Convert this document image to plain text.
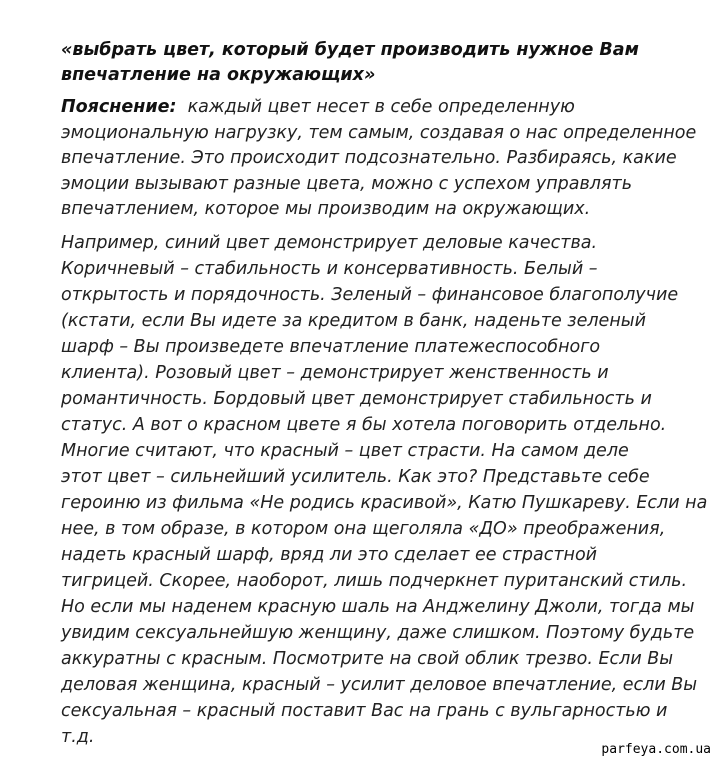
«выбрать цвет, который будет производить нужное Вам
впечатление на окружающих»
Пояснение: каждый цвет несет в себе определенную
эмоциональную нагрузку, тем самым, создавая о нас определенное
впечатление. Это происходит подсознательно. Разбираясь, какие
эмоции вызывают разные цвета, можно с успехом управлять
впечатлением, которое мы производим на окружающих.
Например, синий цвет демонстрирует деловые качества.
Коричневый – стабильность и консервативность. Белый –
открытость и порядочность. Зеленый – финансовое благополучие
(кстати, если Вы идете за кредитом в банк, наденьте зеленый
шарф – Вы произведете впечатление платежеспособного
клиента). Розовый цвет – демонстрирует женственность и
романтичность. Бордовый цвет демонстрирует стабильность и
статус. А вот о красном цвете я бы хотела поговорить отдельно.
Многие считают, что красный – цвет страсти. На самом деле
этот цвет – сильнейший усилитель. Как это? Представьте себе
героиню из фильма «Не родись красивой», Катю Пушкареву. Если на
нее, в том образе, в котором она щеголяла «ДО» преображения,
надеть красный шарф, вряд ли это сделает ее страстной
тигрицей. Скорее, наоборот, лишь подчеркнет пуританский стиль.
Но если мы наденем красную шаль на Анджелину Джоли, тогда мы
увидим сексуальнейшую женщину, даже слишком. Поэтому будьте
аккуратны с красным. Посмотрите на свой облик трезво. Если Вы
деловая женщина, красный – усилит деловое впечатление, если Вы
сексуальная – красный поставит Вас на грань с вульгарностью и
т.д.
parfeya.com.ua
